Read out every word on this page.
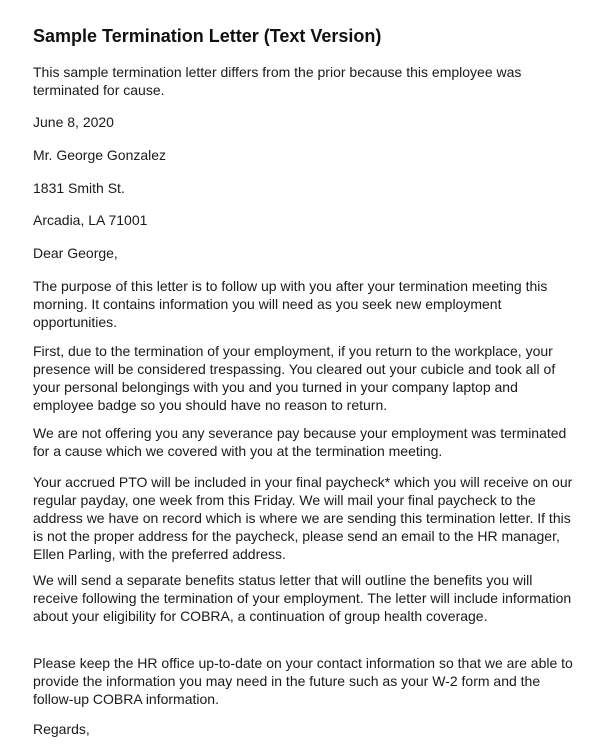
Sample Termination Letter (Text Version)

This sample termination letter differs from the prior because this employee was terminated for cause.

June 8, 2020

Mr. George Gonzalez

1831 Smith St.

Arcadia, LA 71001

Dear George,

The purpose of this letter is to follow up with you after your termination meeting this morning. It contains information you will need as you seek new employment opportunities.

First, due to the termination of your employment, if you return to the workplace, your presence will be considered trespassing. You cleared out your cubicle and took all of your personal belongings with you and you turned in your company laptop and employee badge so you should have no reason to return.

We are not offering you any severance pay because your employment was terminated for a cause which we covered with you at the termination meeting.

Your accrued PTO will be included in your final paycheck* which you will receive on our regular payday, one week from this Friday. We will mail your final paycheck to the address we have on record which is where we are sending this termination letter. If this is not the proper address for the paycheck, please send an email to the HR manager, Ellen Parling, with the preferred address.

We will send a separate benefits status letter that will outline the benefits you will receive following the termination of your employment. The letter will include information about your eligibility for COBRA, a continuation of group health coverage.

Please keep the HR office up-to-date on your contact information so that we are able to provide the information you may need in the future such as your W-2 form and the follow-up COBRA information.

Regards,
